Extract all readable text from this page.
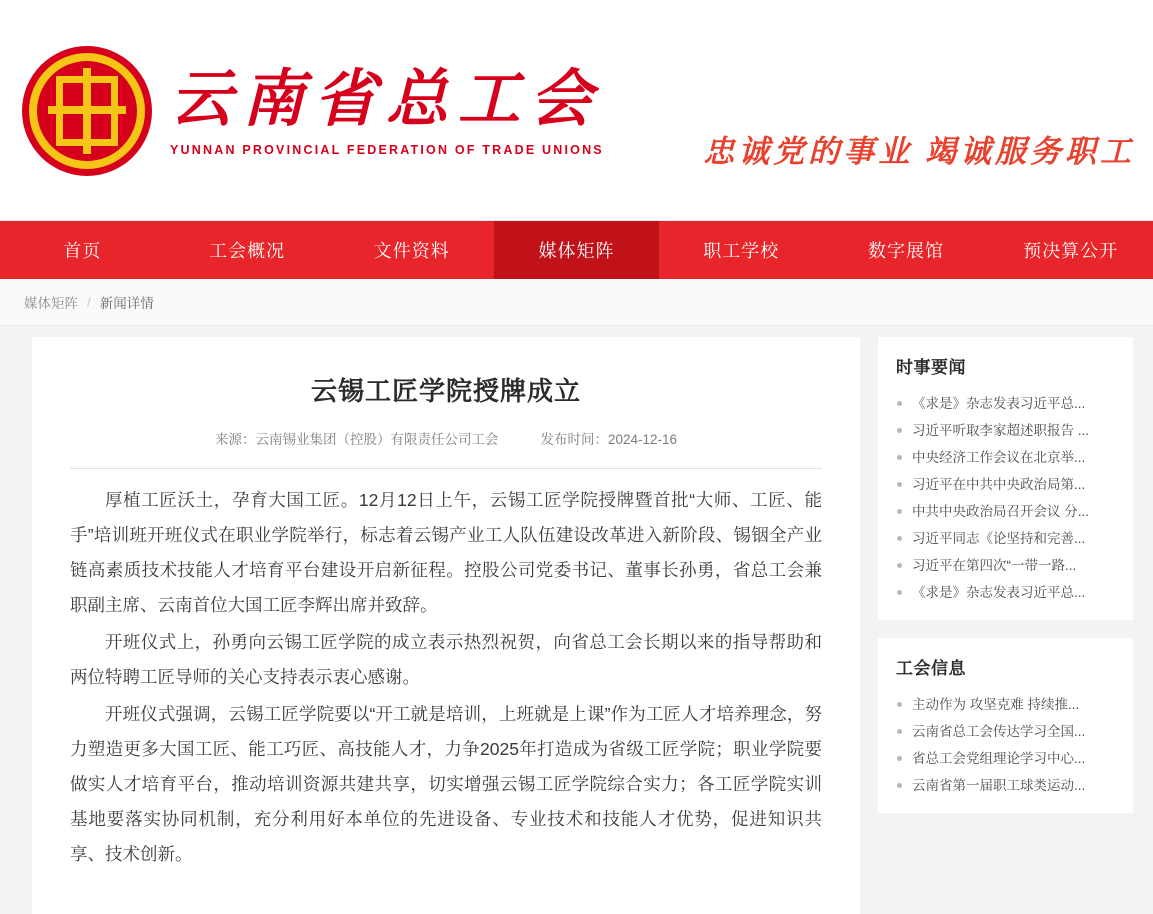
云南省总工会
YUNNAN PROVINCIAL FEDERATION OF TRADE UNIONS	忠诚党的事业 竭诚服务职工
首页	工会概况	文件资料	媒体矩阵	职工学校	数字展馆	预决算公开
媒体矩阵 / 新闻详情
云锡工匠学院授牌成立
来源：云南锡业集团（控股）有限责任公司工会	发布时间：2024-12-16

厚植工匠沃土，孕育大国工匠。12月12日上午，云锡工匠学院授牌暨首批“大师、工匠、能手”培训班开班仪式在职业学院举行，标志着云锡产业工人队伍建设改革进入新阶段、锡铟全产业链高素质技术技能人才培育平台建设开启新征程。控股公司党委书记、董事长孙勇，省总工会兼职副主席、云南首位大国工匠李辉出席并致辞。

开班仪式上，孙勇向云锡工匠学院的成立表示热烈祝贺，向省总工会长期以来的指导帮助和两位特聘工匠导师的关心支持表示衷心感谢。

开班仪式强调，云锡工匠学院要以“开工就是培训，上班就是上课”作为工匠人才培养理念，努力塑造更多大国工匠、能工巧匠、高技能人才，力争2025年打造成为省级工匠学院；职业学院要做实人才培育平台，推动培训资源共建共享，切实增强云锡工匠学院综合实力；各工匠学院实训基地要落实协同机制，充分利用好本单位的先进设备、专业技术和技能人才优势，促进知识共享、技术创新。

时事要闻
《求是》杂志发表习近平总...
习近平听取李家超述职报告 ...
中央经济工作会议在北京举...
习近平在中共中央政治局第...
中共中央政治局召开会议 分...
习近平同志《论坚持和完善...
习近平在第四次“一带一路...
《求是》杂志发表习近平总...
工会信息
主动作为 攻坚克难 持续推...
云南省总工会传达学习全国...
省总工会党组理论学习中心...
云南省第一届职工球类运动...
